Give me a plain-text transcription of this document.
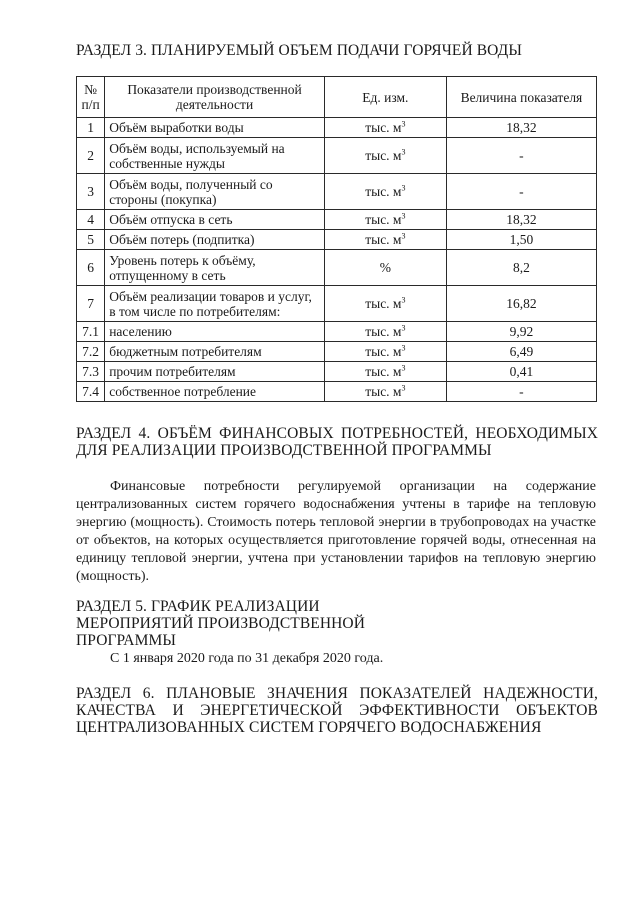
РАЗДЕЛ 3. ПЛАНИРУЕМЫЙ ОБЪЕМ ПОДАЧИ ГОРЯЧЕЙ ВОДЫ
№ п/п	Показатели производственной деятельности	Ед. изм.	Величина показателя
1	Объём выработки воды	тыс. $м^3$	18,32
2	Объём воды, используемый на собственные нужды	тыс. $м^3$	-
3	Объём воды, полученный со стороны (покупка)	тыс. $м^3$	-
4	Объём отпуска в сеть	тыс. $м^3$	18,32
5	Объём потерь (подпитка)	тыс. $м^3$	1,50
6	Уровень потерь к объёму, отпущенному в сеть	%	8,2
7	Объём реализации товаров и услуг, в том числе по потребителям:	тыс. $м^3$	16,82
7.1	населению	тыс. $м^3$	9,92
7.2	бюджетным потребителям	тыс. $м^3$	6,49
7.3	прочим потребителям	тыс. $м^3$	0,41
7.4	собственное потребление	тыс. $м^3$	-
РАЗДЕЛ 4. ОБЪЁМ ФИНАНСОВЫХ ПОТРЕБНОСТЕЙ, НЕОБХОДИМЫХ ДЛЯ РЕАЛИЗАЦИИ ПРОИЗВОДСТВЕННОЙ ПРОГРАММЫ
Финансовые потребности регулируемой организации на содержание централизованных систем горячего водоснабжения учтены в тарифе на тепловую энергию (мощность). Стоимость потерь тепловой энергии в трубопроводах на участке от объектов, на которых осуществляется приготовление горячей воды, отнесенная на единицу тепловой энергии, учтена при установлении тарифов на тепловую энергию (мощность).
РАЗДЕЛ 5. ГРАФИК РЕАЛИЗАЦИИ МЕРОПРИЯТИЙ ПРОИЗВОДСТВЕННОЙ ПРОГРАММЫ
С 1 января 2020 года по 31 декабря 2020 года.
РАЗДЕЛ 6. ПЛАНОВЫЕ ЗНАЧЕНИЯ ПОКАЗАТЕЛЕЙ НАДЕЖНОСТИ, КАЧЕСТВА И ЭНЕРГЕТИЧЕСКОЙ ЭФФЕКТИВНОСТИ ОБЪЕКТОВ ЦЕНТРАЛИЗОВАННЫХ СИСТЕМ ГОРЯЧЕГО ВОДОСНАБЖЕНИЯ
